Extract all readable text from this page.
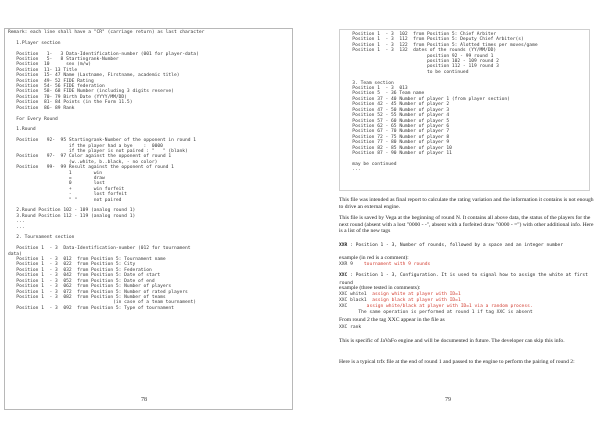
Remark: each line shall have a "CR" (carriage return) as last character

1.Player section

Position   1-   3 Data-Identification-number (001 for player-data)
Position   5-   8 Startingrank-Number
Position  10      sex (m/w)
Position  11- 13 Title
Position  15- 47 Name (Lastname, Firstname, academic title)
Position  49- 52 FIDE Rating
Position  54- 56 FIDE federation
Position  58- 68 FIDE Number (including 3 digits reserve)
Position  70- 79 Birth Date (YYYY/MM/DD)
Position  81- 84 Points (in the Form 11.5)
Position  86- 89 Rank

For Every Round

1.Round

Position   92-  95 Startingrank-Number of the opponent in round 1
if the player had a bye    :  0000
if the player is not paired : "   " (blank)
Position   97-  97 Color against the opponent of round 1
(w..white, b..black, - no color)
Position   99-  99 Result against the opponent of round 1
1        win
=        draw
0        lost
+        win forfeit
-        lost forfeit
" "      not paired

2.Round Position 102 - 109 (analog round 1)
3.Round Position 112 - 119 (analog round 1)
...
...

2. Tournament section

Position 1  - 3  Data-Identification-number (012 for tournament
data)
Position 1  - 3  012  from Position 5: Tournament name
Position 1  - 3  022  from Position 5: City
Position 1  - 3  032  from Position 5: Federation
Position 1  - 3  042  from Position 5: Date of start
Position 1  - 3  052  from Position 5: Date of end
Position 1  - 3  062  from Position 5: Number of players
Position 1  - 3  072  from Position 5: Number of rated players
Position 1  - 3  082  from Position 5: Number of teams
(in case of a team tournament)
Position 1  - 3  092  from Position 5: Type of tournament
78
Position 1  - 3  102  from Position 5: Chief Arbiter
Position 1  - 3  112  from Position 5: Deputy Chief Arbiter(s)
Position 1  - 3  122  from Position 5: Alotted times per moves/game
Position 1  - 3  132  dates of the rounds (YY/MM/DD)
position 92 - 99 round 1
position 102 - 109 round 2
position 112 - 119 round 3
to be continued

3. Team section
Position 1  - 3  013
Position 5  - 36 Team name
Position 37 - 40 Number of player 1 (from player section)
Position 42 - 45 Number of player 2
Position 47 - 50 Number of player 3
Position 52 - 55 Number of player 4
Position 57 - 60 Number of player 5
Position 62 - 65 Number of player 6
Position 67 - 70 Number of player 7
Position 72 - 75 Number of player 8
Position 77 - 80 Number of player 9
Position 82 - 85 Number of player 10
Position 87 - 90 Number of player 11

may be continued
...
This file was intended as final report to calculate the rating variation and the information it contains is not enough to drive an external engine.
This file is saved by Vega at the beginning of round N. It contains all above data, the status of the players for the next round (absent with a lost "0000 - -", absent with a forfeited draw "0000 - =") with other additional info. Here is a list of the new tags
XXR : Position 1 - 3, Number of rounds, followed by a space and an integer number
example (in red is a comment):
XXR 9    tournament with 9 rounds
XXC : Position 1 - 3, Configuration. It is used to signal how to assign the white at first round
example (three tested in comments):
XXC white1  assign white at player with ID=1
XXC black1  assign black at player with ID=1
XXC       assign white/black at player with ID=1 via a random process.
The same operation is performed at round 1 if tag XXC is absent
From round 2 the tag XXC appear in the file as
XXC rank
This is specific of JaVaFo engine and will be documented in future. The developer can skip this info.
Here is a typical trfx file at the end of round 1 and passed to the engine to perform the pairing of round 2:
79
